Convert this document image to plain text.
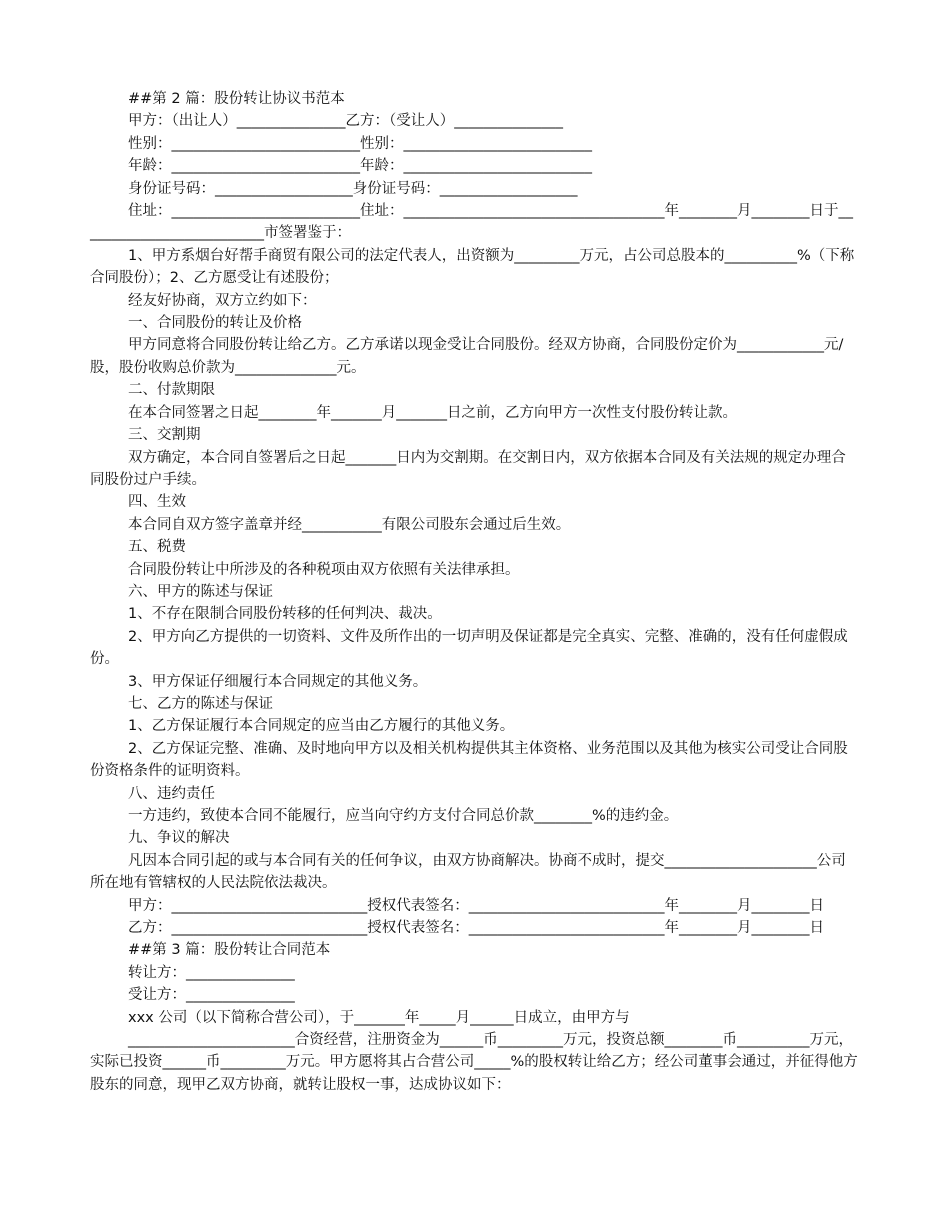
##第 2 篇：股份转让协议书范本

甲方：（出让人）_______________乙方：（受让人）_______________

性别：__________________________性别：__________________________

年龄：__________________________年龄：__________________________

身份证号码：___________________身份证号码：___________________

住址：__________________________住址：____________________________________年________月________日于__________________________市签署鉴于：

1、甲方系烟台好帮手商贸有限公司的法定代表人，出资额为_________万元，占公司总股本的__________%（下称合同股份）；2、乙方愿受让有述股份；

经友好协商，双方立约如下：

一、合同股份的转让及价格

甲方同意将合同股份转让给乙方。乙方承诺以现金受让合同股份。经双方协商，合同股份定价为____________元/股，股份收购总价款为______________元。

二、付款期限

在本合同签署之日起________年_______月_______日之前，乙方向甲方一次性支付股份转让款。

三、交割期

双方确定，本合同自签署后之日起_______日内为交割期。在交割日内，双方依据本合同及有关法规的规定办理合同股份过户手续。

四、生效

本合同自双方签字盖章并经___________有限公司股东会通过后生效。

五、税费

合同股份转让中所涉及的各种税项由双方依照有关法律承担。

六、甲方的陈述与保证

1、不存在限制合同股份转移的任何判决、裁决。

2、甲方向乙方提供的一切资料、文件及所作出的一切声明及保证都是完全真实、完整、准确的，没有任何虚假成份。

3、甲方保证仔细履行本合同规定的其他义务。

七、乙方的陈述与保证

1、乙方保证履行本合同规定的应当由乙方履行的其他义务。

2、乙方保证完整、准确、及时地向甲方以及相关机构提供其主体资格、业务范围以及其他为核实公司受让合同股份资格条件的证明资料。

八、违约责任

一方违约，致使本合同不能履行，应当向守约方支付合同总价款________%的违约金。

九、争议的解决

凡因本合同引起的或与本合同有关的任何争议，由双方协商解决。协商不成时，提交_____________________公司所在地有管辖权的人民法院依法裁决。

甲方：___________________________授权代表签名：___________________________年________月________日

乙方：___________________________授权代表签名：___________________________年________月________日

##第 3 篇：股份转让合同范本

转让方：_______________

受让方：_______________

xxx 公司（以下简称合营公司），于_______年_____月______日成立，由甲方与

_______________________合资经营，注册资金为______币_________万元，投资总额________币__________万元，实际已投资______币_________万元。甲方愿将其占合营公司_____%的股权转让给乙方；经公司董事会通过，并征得他方股东的同意，现甲乙双方协商，就转让股权一事，达成协议如下：
